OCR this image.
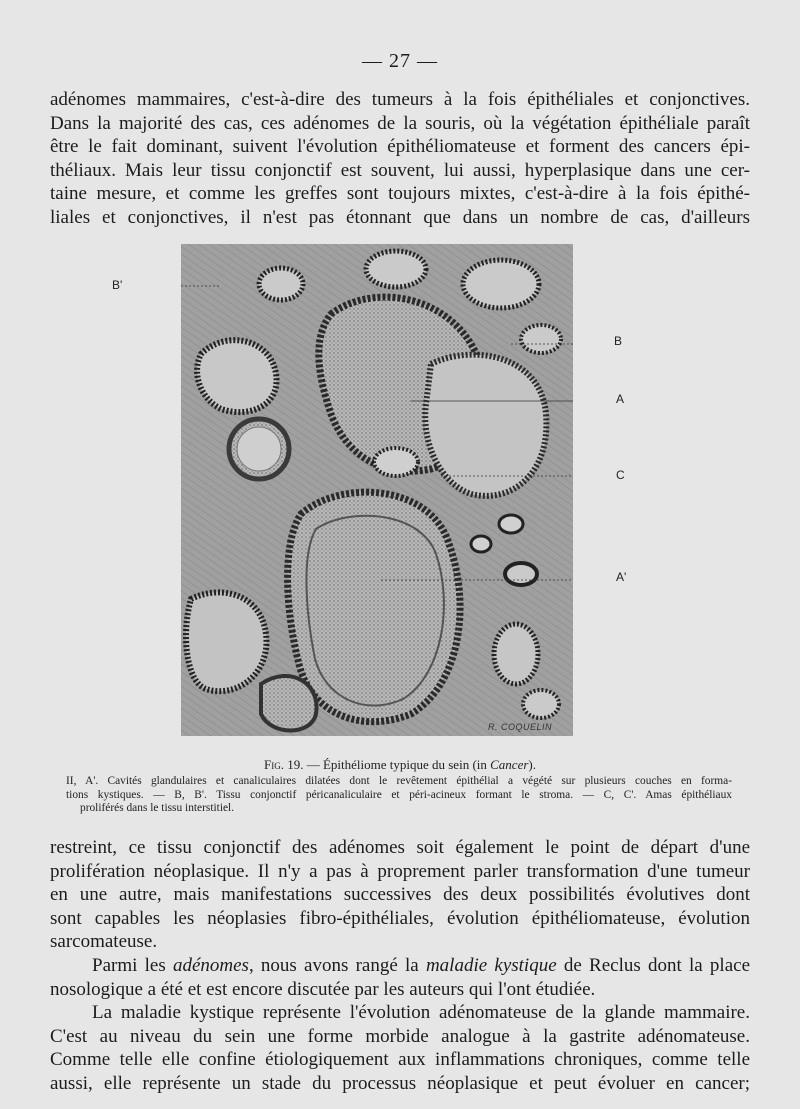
— 27 —
adénomes mammaires, c'est-à-dire des tumeurs à la fois épithéliales et conjonctives.
Dans la majorité des cas, ces adénomes de la souris, où la végétation épithéliale paraît
être le fait dominant, suivent l'évolution épithéliomateuse et forment des cancers épi-
théliaux. Mais leur tissu conjonctif est souvent, lui aussi, hyperplasique dans une cer-
taine mesure, et comme les greffes sont toujours mixtes, c'est-à-dire à la fois épithé-
liales et conjonctives, il n'est pas étonnant que dans un nombre de cas, d'ailleurs
B'
B
A
C
A'
R. COQUELIN
Fig. 19. — Épithéliome typique du sein (in Cancer).
II, A'. Cavités glandulaires et canaliculaires dilatées dont le revêtement épithélial a végété sur plusieurs couches en forma-
tions kystiques. — B, B'. Tissu conjonctif péricanaliculaire et péri-acineux formant le stroma. — C, C'. Amas épithéliaux
proliférés dans le tissu interstitiel.
restreint, ce tissu conjonctif des adénomes soit également le point de départ d'une
prolifération néoplasique. Il n'y a pas à proprement parler transformation d'une tumeur
en une autre, mais manifestations successives des deux possibilités évolutives dont
sont capables les néoplasies fibro-épithéliales, évolution épithéliomateuse, évolution
sarcomateuse.
Parmi les adénomes, nous avons rangé la maladie kystique de Reclus dont la place
nosologique a été et est encore discutée par les auteurs qui l'ont étudiée.
La maladie kystique représente l'évolution adénomateuse de la glande mammaire.
C'est au niveau du sein une forme morbide analogue à la gastrite adénomateuse.
Comme telle elle confine étiologiquement aux inflammations chroniques, comme telle
aussi, elle représente un stade du processus néoplasique et peut évoluer en cancer;
